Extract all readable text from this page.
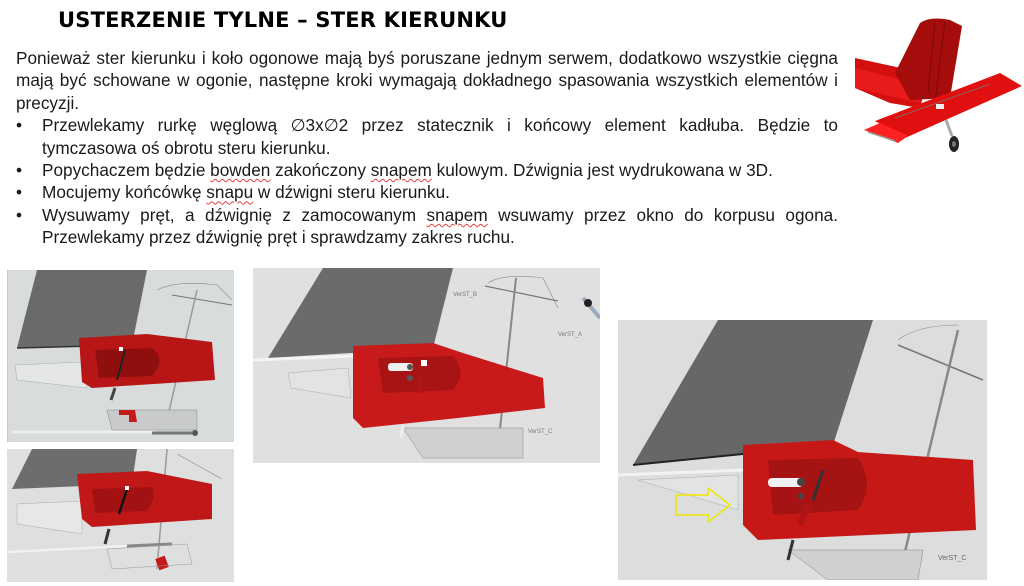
USTERZENIE TYLNE – STER KIERUNKU

Ponieważ ster kierunku i koło ogonowe mają byś poruszane jednym serwem, dodatkowo wszystkie cięgna mają być schowane w ogonie, następne kroki wymagają dokładnego spasowania wszystkich elementów i precyzji.

•	Przewlekamy rurkę węglową ∅3x∅2 przez statecznik i końcowy element kadłuba. Będzie to tymczasowa oś obrotu steru kierunku.
•	Popychaczem będzie bowden zakończony snapem kulowym. Dźwignia jest wydrukowana w 3D.
•	Mocujemy końcówkę snapu w dźwigni steru kierunku.
•	Wysuwamy pręt, a dźwignię z zamocowanym snapem wsuwamy przez okno do korpusu ogona. Przewlekamy przez dźwignię pręt i sprawdzamy zakres ruchu.
VerST_B
VerST_A
VerST_C
VerST_C
